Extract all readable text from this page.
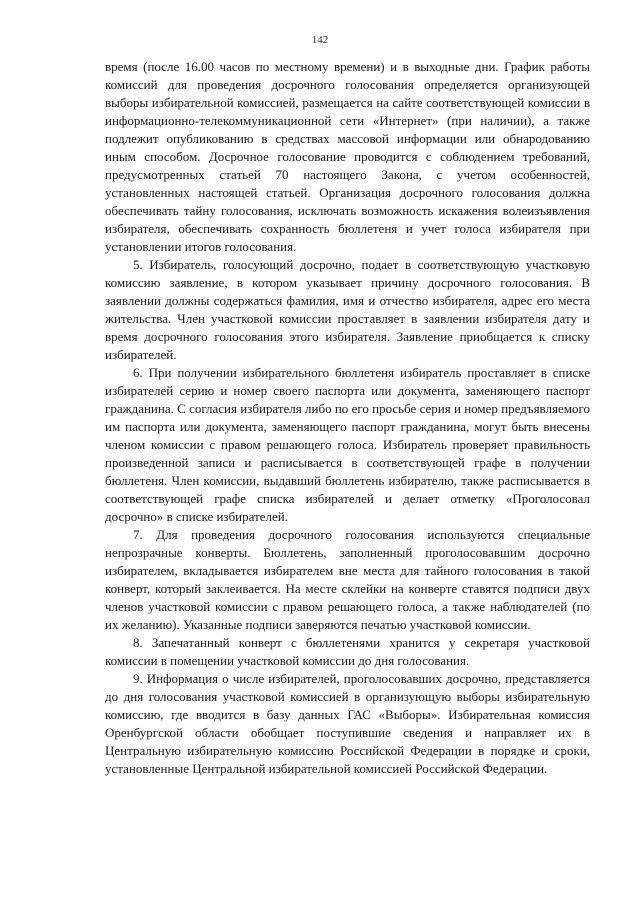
142

время (после 16.00 часов по местному времени) и в выходные дни. График работы комиссий для проведения досрочного голосования определяется организующей выборы избирательной комиссией, размещается на сайте соответствующей комиссии в информационно-телекоммуникационной сети «Интернет» (при наличии), а также подлежит опубликованию в средствах массовой информации или обнародованию иным способом. Досрочное голосование проводится с соблюдением требований, предусмотренных статьей 70 настоящего Закона, с учетом особенностей, установленных настоящей статьей. Организация досрочного голосования должна обеспечивать тайну голосования, исключать возможность искажения волеизъявления избирателя, обеспечивать сохранность бюллетеня и учет голоса избирателя при установлении итогов голосования.

5. Избиратель, голосующий досрочно, подает в соответствующую участковую комиссию заявление, в котором указывает причину досрочного голосования. В заявлении должны содержаться фамилия, имя и отчество избирателя, адрес его места жительства. Член участковой комиссии проставляет в заявлении избирателя дату и время досрочного голосования этого избирателя. Заявление приобщается к списку избирателей.

6. При получении избирательного бюллетеня избиратель проставляет в списке избирателей серию и номер своего паспорта или документа, заменяющего паспорт гражданина. С согласия избирателя либо по его просьбе серия и номер предъявляемого им паспорта или документа, заменяющего паспорт гражданина, могут быть внесены членом комиссии с правом решающего голоса. Избиратель проверяет правильность произведенной записи и расписывается в соответствующей графе в получении бюллетеня. Член комиссии, выдавший бюллетень избирателю, также расписывается в соответствующей графе списка избирателей и делает отметку «Проголосовал досрочно» в списке избирателей.

7. Для проведения досрочного голосования используются специальные непрозрачные конверты. Бюллетень, заполненный проголосовавшим досрочно избирателем, вкладывается избирателем вне места для тайного голосования в такой конверт, который заклеивается. На месте склейки на конверте ставятся подписи двух членов участковой комиссии с правом решающего голоса, а также наблюдателей (по их желанию). Указанные подписи заверяются печатью участковой комиссии.

8. Запечатанный конверт с бюллетенями хранится у секретаря участковой комиссии в помещении участковой комиссии до дня голосования.

9. Информация о числе избирателей, проголосовавших досрочно, представляется до дня голосования участковой комиссией в организующую выборы избирательную комиссию, где вводится в базу данных ГАС «Выборы». Избирательная комиссия Оренбургской области обобщает поступившие сведения и направляет их в Центральную избирательную комиссию Российской Федерации в порядке и сроки, установленные Центральной избирательной комиссией Российской Федерации.
